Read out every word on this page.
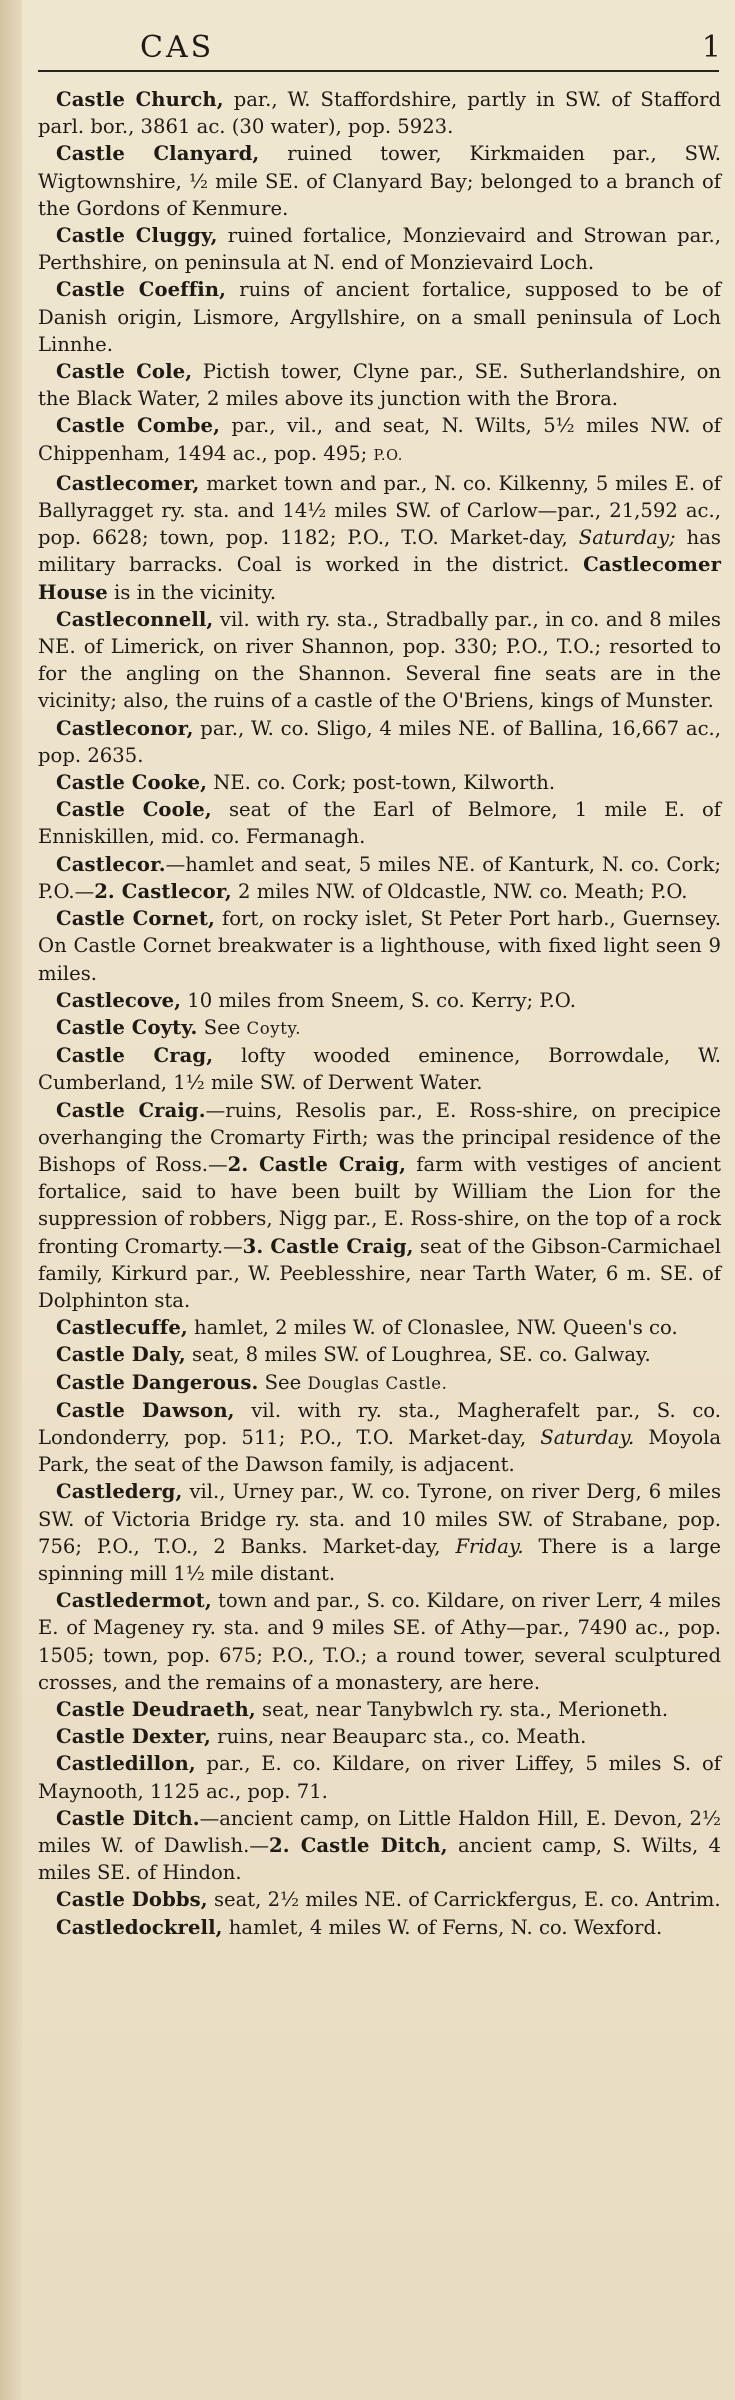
CAS	1
Castle Church, par., W. Staffordshire, partly in SW. of Stafford parl. bor., 3861 ac. (30 water), pop. 5923.
Castle Clanyard, ruined tower, Kirkmaiden par., SW. Wigtownshire, ½ mile SE. of Clanyard Bay; belonged to a branch of the Gordons of Kenmure.
Castle Cluggy, ruined fortalice, Monzievaird and Strowan par., Perthshire, on peninsula at N. end of Monzievaird Loch.
Castle Coeffin, ruins of ancient fortalice, supposed to be of Danish origin, Lismore, Argyllshire, on a small peninsula of Loch Linnhe.
Castle Cole, Pictish tower, Clyne par., SE. Sutherlandshire, on the Black Water, 2 miles above its junction with the Brora.
Castle Combe, par., vil., and seat, N. Wilts, 5½ miles NW. of Chippenham, 1494 ac., pop. 495; P.O.
Castlecomer, market town and par., N. co. Kilkenny, 5 miles E. of Ballyragget ry. sta. and 14½ miles SW. of Carlow—par., 21,592 ac., pop. 6628; town, pop. 1182; P.O., T.O. Market-day, Saturday; has military barracks. Coal is worked in the district. Castlecomer House is in the vicinity.
Castleconnell, vil. with ry. sta., Stradbally par., in co. and 8 miles NE. of Limerick, on river Shannon, pop. 330; P.O., T.O.; resorted to for the angling on the Shannon. Several fine seats are in the vicinity; also, the ruins of a castle of the O'Briens, kings of Munster.
Castleconor, par., W. co. Sligo, 4 miles NE. of Ballina, 16,667 ac., pop. 2635.
Castle Cooke, NE. co. Cork; post-town, Kilworth.
Castle Coole, seat of the Earl of Belmore, 1 mile E. of Enniskillen, mid. co. Fermanagh.
Castlecor.—hamlet and seat, 5 miles NE. of Kanturk, N. co. Cork; P.O.—2. Castlecor, 2 miles NW. of Oldcastle, NW. co. Meath; P.O.
Castle Cornet, fort, on rocky islet, St Peter Port harb., Guernsey. On Castle Cornet breakwater is a lighthouse, with fixed light seen 9 miles.
Castlecove, 10 miles from Sneem, S. co. Kerry; P.O.
Castle Coyty. See Coyty.
Castle Crag, lofty wooded eminence, Borrowdale, W. Cumberland, 1½ mile SW. of Derwent Water.
Castle Craig.—ruins, Resolis par., E. Ross-shire, on precipice overhanging the Cromarty Firth; was the principal residence of the Bishops of Ross.—2. Castle Craig, farm with vestiges of ancient fortalice, said to have been built by William the Lion for the suppression of robbers, Nigg par., E. Ross-shire, on the top of a rock fronting Cromarty.—3. Castle Craig, seat of the Gibson-Carmichael family, Kirkurd par., W. Peeblesshire, near Tarth Water, 6 m. SE. of Dolphinton sta.
Castlecuffe, hamlet, 2 miles W. of Clonaslee, NW. Queen's co.
Castle Daly, seat, 8 miles SW. of Loughrea, SE. co. Galway.
Castle Dangerous. See Douglas Castle.
Castle Dawson, vil. with ry. sta., Magherafelt par., S. co. Londonderry, pop. 511; P.O., T.O. Market-day, Saturday. Moyola Park, the seat of the Dawson family, is adjacent.
Castlederg, vil., Urney par., W. co. Tyrone, on river Derg, 6 miles SW. of Victoria Bridge ry. sta. and 10 miles SW. of Strabane, pop. 756; P.O., T.O., 2 Banks. Market-day, Friday. There is a large spinning mill 1½ mile distant.
Castledermot, town and par., S. co. Kildare, on river Lerr, 4 miles E. of Mageney ry. sta. and 9 miles SE. of Athy—par., 7490 ac., pop. 1505; town, pop. 675; P.O., T.O.; a round tower, several sculptured crosses, and the remains of a monastery, are here.
Castle Deudraeth, seat, near Tanybwlch ry. sta., Merioneth.
Castle Dexter, ruins, near Beauparc sta., co. Meath.
Castledillon, par., E. co. Kildare, on river Liffey, 5 miles S. of Maynooth, 1125 ac., pop. 71.
Castle Ditch.—ancient camp, on Little Haldon Hill, E. Devon, 2½ miles W. of Dawlish.—2. Castle Ditch, ancient camp, S. Wilts, 4 miles SE. of Hindon.
Castle Dobbs, seat, 2½ miles NE. of Carrickfergus, E. co. Antrim.
Castledockrell, hamlet, 4 miles W. of Ferns, N. co. Wexford.
